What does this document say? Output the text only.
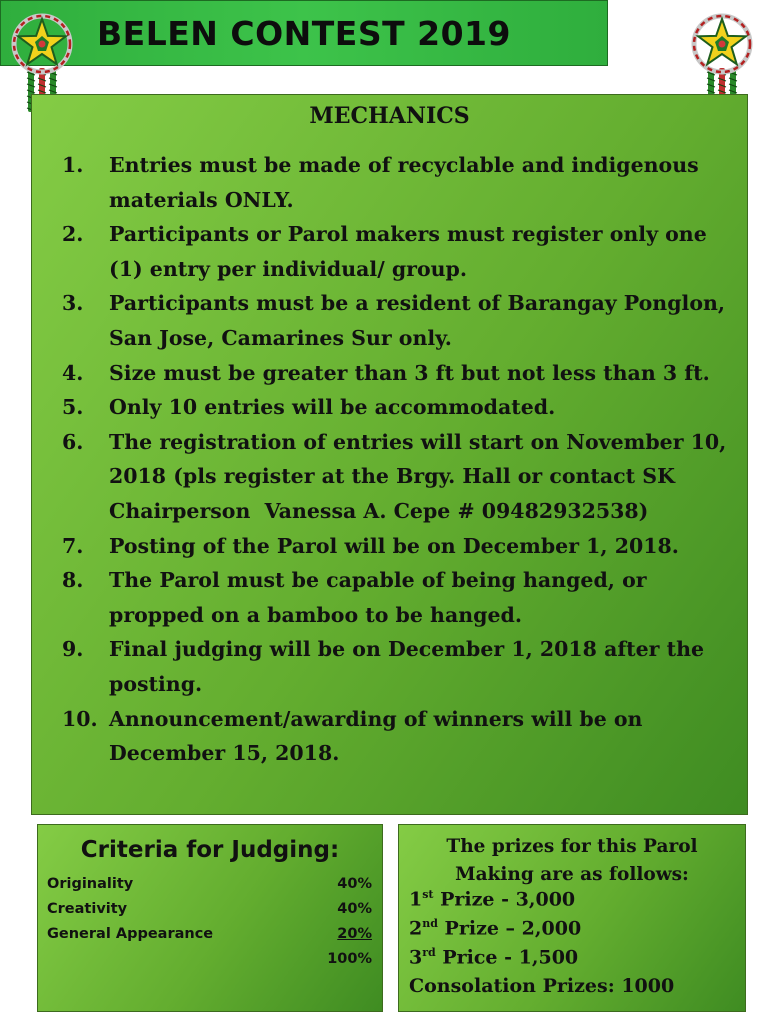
BELEN CONTEST 2019
MECHANICS
1.	Entries must be made of recyclable and indigenous
materials ONLY.
2.	Participants or Parol makers must register only one
(1) entry per individual/ group.
3.	Participants must be a resident of Barangay Ponglon,
San Jose, Camarines Sur only.
4.	Size must be greater than 3 ft but not less than 3 ft.
5.	Only 10 entries will be accommodated.
6.	The registration of entries will start on November 10,
2018 (pls register at the Brgy. Hall or contact SK
Chairperson  Vanessa A. Cepe # 09482932538)
7.	Posting of the Parol will be on December 1, 2018.
8.	The Parol must be capable of being hanged, or
propped on a bamboo to be hanged.
9.	Final judging will be on December 1, 2018 after the
posting.
10. Announcement/awarding of winners will be on
December 15, 2018.
Criteria for Judging:
Originality	40%
Creativity	40%
General Appearance	20%
100%
The prizes for this Parol
Making are as follows:
1st Prize - 3,000
2nd Prize – 2,000
3rd Price - 1,500
Consolation Prizes: 1000
